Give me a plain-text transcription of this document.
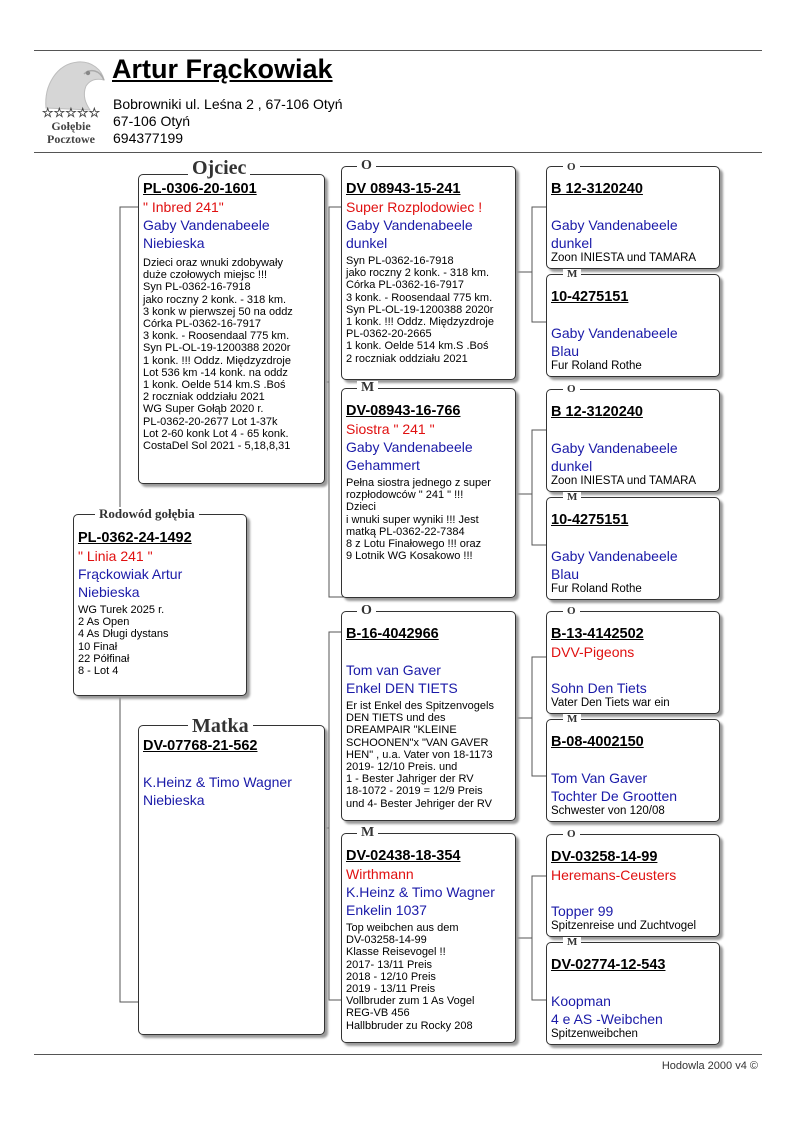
☆☆☆☆☆
Gołębie
Pocztowe
Artur Frąckowiak
Bobrowniki ul. Leśna 2 , 67-106 Otyń
67-106 Otyń
694377199
PL-0362-24-1492
" Linia 241 "
Frąckowiak Artur
Niebieska
WG Turek 2025 r.
2 As Open
4 As Długi dystans
10 Finał
22 Półfinał
8 - Lot 4
Rodowód gołębia
PL-0306-20-1601
" Inbred 241"
Gaby Vandenabeele
Niebieska
Dzieci oraz wnuki zdobywały
duże czołowych miejsc !!!
Syn PL-0362-16-7918
jako roczny 2 konk. - 318 km.
3 konk w pierwszej 50 na oddz
Córka PL-0362-16-7917
3 konk. - Roosendaal 775 km.
Syn PL-OL-19-1200388 2020r
1 konk. !!! Oddz. Międzyzdroje
Lot 536 km -14 konk. na oddz
1 konk. Oelde 514 km.S .Boś
2 roczniak oddziału 2021
WG Super Gołąb 2020 r.
PL-0362-20-2677 Lot 1-37k
Lot 2-60 konk Lot 4 - 65 konk.
CostaDel Sol 2021 - 5,18,8,31
Ojciec
DV-07768-21-562
K.Heinz & Timo Wagner
Niebieska
Matka
DV 08943-15-241
Super Rozplodowiec !
Gaby Vandenabeele
dunkel
Syn PL-0362-16-7918
jako roczny 2 konk. - 318 km.
Córka PL-0362-16-7917
3 konk. - Roosendaal 775 km.
Syn PL-OL-19-1200388 2020r
1 konk. !!! Oddz. Międzyzdroje
PL-0362-20-2665
1 konk. Oelde 514 km.S .Boś
2 roczniak oddziału 2021
O
DV-08943-16-766
Siostra " 241 "
Gaby Vandenabeele
Gehammert
Pełna siostra jednego z super
rozpłodowców " 241 " !!!
Dzieci
i wnuki super wyniki !!! Jest
matką PL-0362-22-7384
8 z Lotu Finałowego !!! oraz
9 Lotnik WG Kosakowo !!!
M
B-16-4042966
Tom van Gaver
Enkel DEN TIETS
Er ist Enkel des Spitzenvogels
DEN TIETS und des
DREAMPAIR "KLEINE
SCHOONEN"x "VAN GAVER
HEN" , u.a. Vater von 18-1173
2019- 12/10 Preis. und
1 - Bester Jahriger der RV
18-1072 - 2019 = 12/9 Preis
und 4- Bester Jehriger der RV
O
DV-02438-18-354
Wirthmann
K.Heinz & Timo Wagner
Enkelin 1037
Top weibchen aus dem
DV-03258-14-99
Klasse Reisevogel !!
2017- 13/11 Preis
2018 - 12/10 Preis
2019 - 13/11 Preis
Vollbruder zum 1 As Vogel
REG-VB 456
Hallbbruder zu Rocky 208
M
B 12-3120240
Gaby Vandenabeele
dunkel
Zoon INIESTA und TAMARA
O
10-4275151
Gaby Vandenabeele
Blau
Fur Roland Rothe
M
B 12-3120240
Gaby Vandenabeele
dunkel
Zoon INIESTA und TAMARA
O
10-4275151
Gaby Vandenabeele
Blau
Fur Roland Rothe
M
B-13-4142502
DVV-Pigeons
Sohn Den Tiets
Vater Den Tiets war ein
O
B-08-4002150
Tom Van Gaver
Tochter De Grootten
Schwester von 120/08
M
DV-03258-14-99
Heremans-Ceusters
Topper 99
Spitzenreise und Zuchtvogel
O
DV-02774-12-543
Koopman
4 e AS -Weibchen
Spitzenweibchen
M
Hodowla 2000 v4 ©
